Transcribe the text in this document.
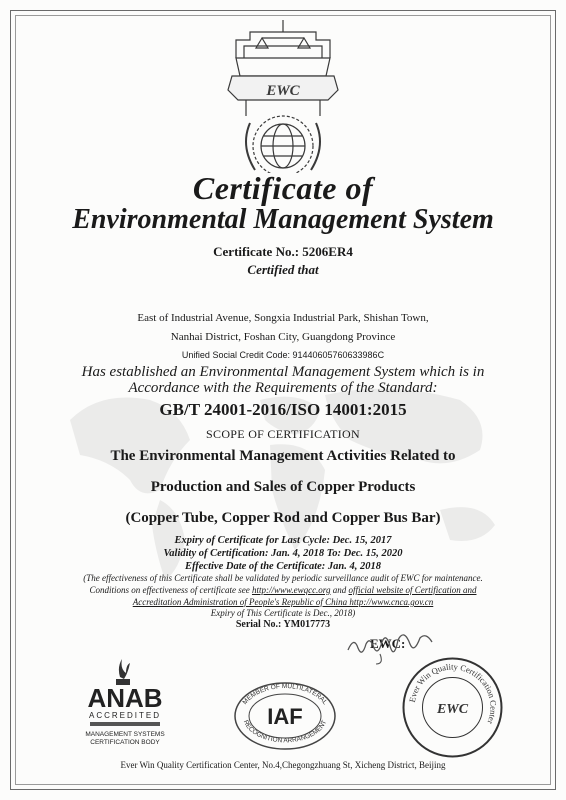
EWC
Certificate of
Environmental Management System
Certificate No.: 5206ER4
Certified that
East of Industrial Avenue, Songxia Industrial Park, Shishan Town,
Nanhai District, Foshan City, Guangdong Province
Unified Social Credit Code: 91440605760633986C
Has established an Environmental Management System which is in
Accordance with the Requirements of the Standard:
GB/T 24001-2016/ISO 14001:2015
SCOPE OF CERTIFICATION
The Environmental Management Activities Related to
Production and Sales of Copper Products
(Copper Tube, Copper Rod and Copper Bus Bar)
Expiry of Certificate for Last Cycle: Dec. 15, 2017
Validity of Certification: Jan. 4, 2018 To: Dec. 15, 2020
Effective Date of the Certificate: Jan. 4, 2018
(The effectiveness of this Certificate shall be validated by periodic surveillance audit of EWC for maintenance.
Conditions on effectiveness of certificate see http://www.ewqcc.org and official website of Certification and
Accreditation Administration of People's Republic of China http://www.cnca.gov.cn
Expiry of This Certificate is Dec., 2018)
Serial No.: YM017773
EWC:
ANAB
ACCREDITED
MANAGEMENT SYSTEMS
CERTIFICATION BODY
MEMBER OF MULTILATERAL
RECOGNITION ARRANGEMENT
IAF
Ever Win Quality Certification Center
EWC
Ever Win Quality Certification Center, No.4,Chegongzhuang St, Xicheng District, Beijing
